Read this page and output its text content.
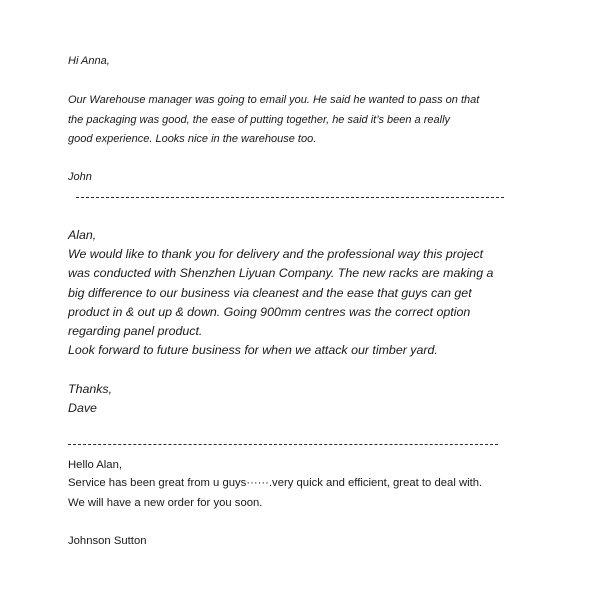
Hi Anna,
Our Warehouse manager was going to email you. He said he wanted to pass on that
the packaging was good, the ease of putting together, he said it’s been a really
good experience. Looks nice in the warehouse too.
John
Alan,
We would like to thank you for delivery and the professional way this project
was conducted with Shenzhen Liyuan Company. The new racks are making a
big difference to our business via cleanest and the ease that guys can get
product in & out up & down. Going 900mm centres was the correct option
regarding panel product.
Look forward to future business for when we attack our timber yard.
Thanks,
Dave
Hello Alan,
Service has been great from u guys······.very quick and efficient, great to deal with.
We will have a new order for you soon.
Johnson Sutton
